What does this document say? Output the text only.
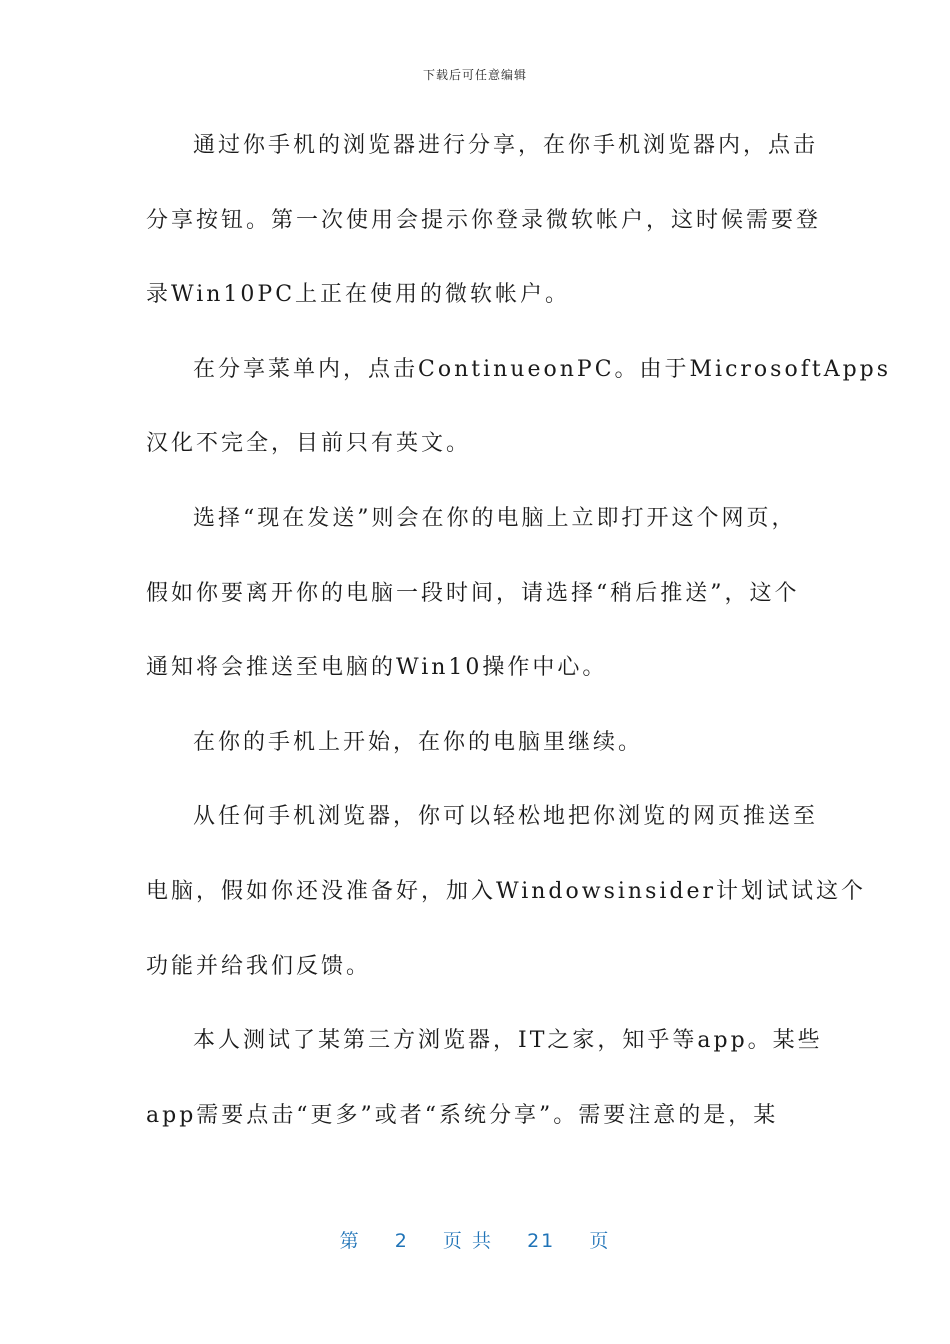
下载后可任意编辑
通过你手机的浏览器进行分享，在你手机浏览器内，点击
分享按钮。第一次使用会提示你登录微软帐户，这时候需要登
录Win10PC上正在使用的微软帐户。
在分享菜单内，点击ContinueonPC。由于MicrosoftApps
汉化不完全，目前只有英文。
选择“现在发送”则会在你的电脑上立即打开这个网页，
假如你要离开你的电脑一段时间，请选择“稍后推送”，这个
通知将会推送至电脑的Win10操作中心。
在你的手机上开始，在你的电脑里继续。
从任何手机浏览器，你可以轻松地把你浏览的网页推送至
电脑，假如你还没准备好，加入Windowsinsider计划试试这个
功能并给我们反馈。
本人测试了某第三方浏览器，IT之家，知乎等app。某些
app需要点击“更多”或者“系统分享”。需要注意的是，某
第 2 页 共 21 页
